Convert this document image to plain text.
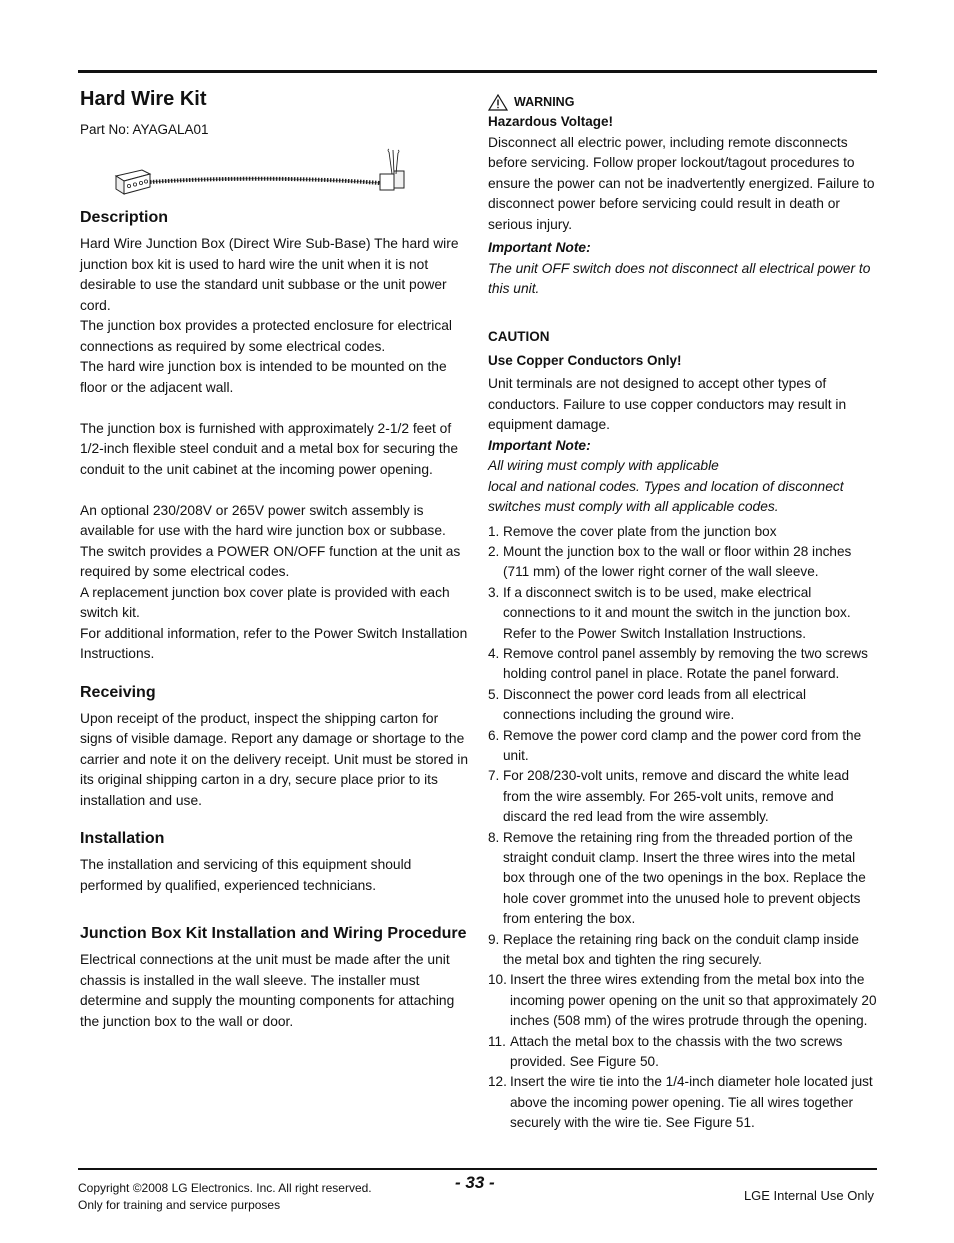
Hard Wire Kit

Part No: AYAGALA01

Description

Hard Wire Junction Box (Direct Wire Sub-Base) The hard wire junction box kit is used to hard wire the unit when it is not desirable to use the standard unit subbase or the unit power cord.

The junction box provides a protected enclosure for electrical connections as required by some electrical codes.

The hard wire junction box is intended to be mounted on the floor or the adjacent wall.

The junction box is furnished with approximately 2-1/2 feet of 1/2-inch flexible steel conduit and a metal box for securing the conduit to the unit cabinet at the incoming power opening.

An optional 230/208V or 265V power switch assembly is available for use with the hard wire junction box or subbase. The switch provides a POWER ON/OFF function at the unit as required by some electrical codes.

A replacement junction box cover plate is provided with each switch kit.

For additional information, refer to the Power Switch Installation Instructions.

Receiving

Upon receipt of the product, inspect the shipping carton for signs of visible damage. Report any damage or shortage to the carrier and note it on the delivery receipt. Unit must be stored in its original shipping carton in a dry, secure place prior to its installation and use.

Installation

The installation and servicing of this equipment should performed by qualified, experienced technicians.

Junction Box Kit Installation and Wiring Procedure

Electrical connections at the unit must be made after the unit chassis is installed in the wall sleeve. The installer must determine and supply the mounting components for attaching the junction box to the wall or door.

WARNING
Hazardous Voltage!

Disconnect all electric power, including remote disconnects before servicing. Follow proper lockout/tagout procedures to ensure the power can not be inadvertently energized. Failure to disconnect power before servicing could result in death or serious injury.

Important Note:
The unit OFF switch does not disconnect all electrical power to this unit.
CAUTION
Use Copper Conductors Only!

Unit terminals are not designed to accept other types of conductors. Failure to use copper conductors may result in equipment damage.

Important Note:
All wiring must comply with applicable
local and national codes. Types and location of disconnect switches must comply with all applicable codes.
1. Remove the cover plate from the junction box
2. Mount the junction box to the wall or floor within 28 inches (711 mm) of the lower right corner of the wall sleeve.
3. If a disconnect switch is to be used, make electrical connections to it and mount the switch in the junction box. Refer to the Power Switch Installation Instructions.
4. Remove control panel assembly by removing the two screws holding control panel in place. Rotate the panel forward.
5. Disconnect the power cord leads from all electrical connections including the ground wire.
6. Remove the power cord clamp and the power cord from the unit.
7. For 208/230-volt units, remove and discard the white lead from the wire assembly. For 265-volt units, remove and discard the red lead from the wire assembly.
8. Remove the retaining ring from the threaded portion of the straight conduit clamp. Insert the three wires into the metal box through one of the two openings in the box. Replace the hole cover grommet into the unused hole to prevent objects from entering the box.
9. Replace the retaining ring back on the conduit clamp inside the metal box and tighten the ring securely.
10. Insert the three wires extending from the metal box into the incoming power opening on the unit so that approximately 20 inches (508 mm) of the wires protrude through the opening.
11. Attach the metal box to the chassis with the two screws provided. See Figure 50.
12. Insert the wire tie into the 1/4-inch diameter hole located just above the incoming power opening. Tie all wires together securely with the wire tie. See Figure 51.
Copyright ©2008 LG Electronics. Inc. All right reserved.
Only for training and service purposes
- 33 -
LGE Internal Use Only
